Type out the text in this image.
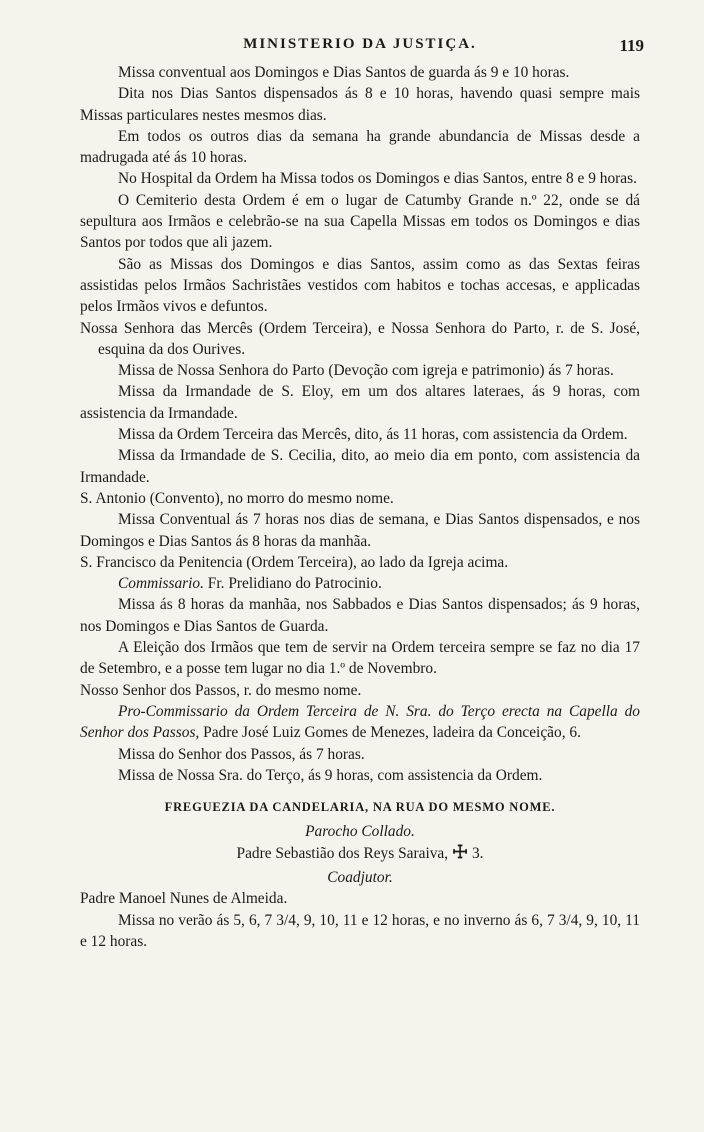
MINISTERIO DA JUSTIÇA.	119

Missa conventual aos Domingos e Dias Santos de guarda ás 9 e 10 horas.

Dita nos Dias Santos dispensados ás 8 e 10 horas, havendo quasi sempre mais Missas particulares nestes mesmos dias.

Em todos os outros dias da semana ha grande abundancia de Missas desde a madrugada até ás 10 horas.

No Hospital da Ordem ha Missa todos os Domingos e dias Santos, entre 8 e 9 horas.

O Cemiterio desta Ordem é em o lugar de Catumby Grande n.º 22, onde se dá sepultura aos Irmãos e celebrão-se na sua Capella Missas em todos os Domingos e dias Santos por todos que ali jazem.

São as Missas dos Domingos e dias Santos, assim como as das Sextas feiras assistidas pelos Irmãos Sachristães vestidos com habitos e tochas accesas, e applicadas pelos Irmãos vivos e defuntos.

Nossa Senhora das Mercês (Ordem Terceira), e Nossa Senhora do Parto, r. de S. José, esquina da dos Ourives.

Missa de Nossa Senhora do Parto (Devoção com igreja e patrimonio) ás 7 horas.

Missa da Irmandade de S. Eloy, em um dos altares lateraes, ás 9 horas, com assistencia da Irmandade.

Missa da Ordem Terceira das Mercês, dito, ás 11 horas, com assistencia da Ordem.

Missa da Irmandade de S. Cecilia, dito, ao meio dia em ponto, com assistencia da Irmandade.

S. Antonio (Convento), no morro do mesmo nome.

Missa Conventual ás 7 horas nos dias de semana, e Dias Santos dispensados, e nos Domingos e Dias Santos ás 8 horas da manhãa.

S. Francisco da Penitencia (Ordem Terceira), ao lado da Igreja acima.

Commissario. Fr. Prelidiano do Patrocinio.

Missa ás 8 horas da manhãa, nos Sabbados e Dias Santos dispensados; ás 9 horas, nos Domingos e Dias Santos de Guarda.

A Eleição dos Irmãos que tem de servir na Ordem terceira sempre se faz no dia 17 de Setembro, e a posse tem lugar no dia 1.º de Novembro.

Nosso Senhor dos Passos, r. do mesmo nome.

Pro-Commissario da Ordem Terceira de N. Sra. do Terço erecta na Capella do Senhor dos Passos, Padre José Luiz Gomes de Menezes, ladeira da Conceição, 6.

Missa do Senhor dos Passos, ás 7 horas.

Missa de Nossa Sra. do Terço, ás 9 horas, com assistencia da Ordem.

FREGUEZIA DA CANDELARIA, NA RUA DO MESMO NOME.

Parocho Collado.

Padre Sebastião dos Reys Saraiva, ☩ 3.

Coadjutor.

Padre Manoel Nunes de Almeida.

Missa no verão ás 5, 6, 7 3/4, 9, 10, 11 e 12 horas, e no inverno ás 6, 7 3/4, 9, 10, 11 e 12 horas.
